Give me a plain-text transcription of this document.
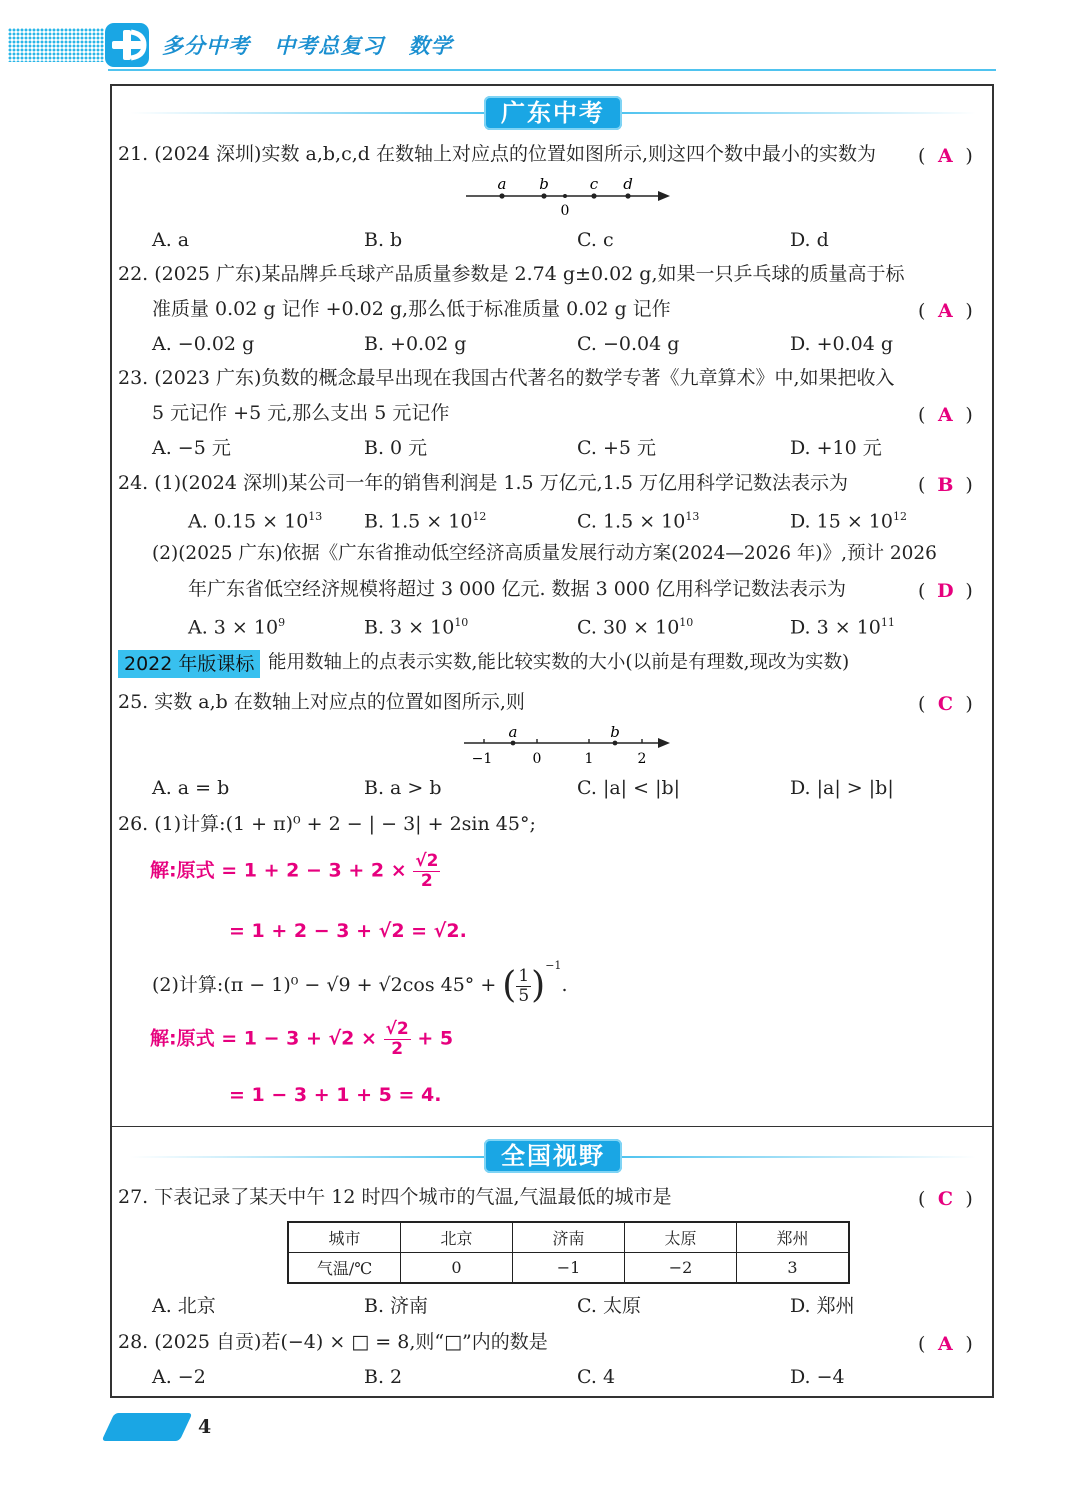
多分中考 中考总复习 数学
广东中考
21. (2024 深圳)实数 a,b,c,d 在数轴上对应点的位置如图所示,则这四个数中最小的实数为 ( A )
a b	c d
0
A. a	B. b	C. c	D. d
22. (2025 广东)某品牌乒乓球产品质量参数是 2.74 g±0.02 g,如果一只乒乓球的质量高于标
准质量 0.02 g 记作 +0.02 g,那么低于标准质量 0.02 g 记作	( A )
A. −0.02 g	B. +0.02 g	C. −0.04 g	D. +0.04 g
23. (2023 广东)负数的概念最早出现在我国古代著名的数学专著《九章算术》中,如果把收入
5 元记作 +5 元,那么支出 5 元记作	( A )
A. −5 元	B. 0 元	C. +5 元	D. +10 元
24. (1)(2024 深圳)某公司一年的销售利润是 1.5 万亿元,1.5 万亿用科学记数法表示为	( B )
A. $0.15 \times 10^{13}$ B. $1.5 \times 10^{12}$	C. $1.5 \times 10^{13}$	D. $15 \times 10^{12}$
(2)(2025 广东)依据《广东省推动低空经济高质量发展行动方案(2024—2026 年)》,预计 2026
年广东省低空经济规模将超过 3 000 亿元. 数据 3 000 亿用科学记数法表示为	( D )
A. $3 \times 10^9$	B. $3 \times 10^{10}$	C. $30 \times 10^{10}$	D. $3 \times 10^{11}$
2022 年版课标 能用数轴上的点表示实数,能比较实数的大小(以前是有理数,现改为实数)
25. 实数 a,b 在数轴上对应点的位置如图所示,则	( C )
a	b
−1	0	1	2
A. a = b	B. a > b	C. |a| < |b|	D. |a| > |b|
26. (1)计算:(1 + π)⁰ + 2 − | − 3| + 2sin 45°;
解:原式 = $1 + 2 - 3 + 2 \times \frac{√2}{2}$
= 1 + 2 − 3 + √2 = √2.
(2)计算:(π − 1)⁰ − √9 + √2cos 45° + ( $\frac{1}{5} )^{-1}$.
解:原式 = $1 - 3 + √2 \times \frac{√2}{2} + 5$
= 1 − 3 + 1 + 5 = 4.
全国视野
27. 下表记录了某天中午 12 时四个城市的气温,气温最低的城市是	( C )
城市	北京	济南	太原	郑州
气温/℃	0	−1	−2	3
A. 北京	B. 济南	C. 太原	D. 郑州
28. (2025 自贡)若(−4) × □ = 8,则“□”内的数是	( A )
A. −2	B. 2	C. 4	D. −4
4
